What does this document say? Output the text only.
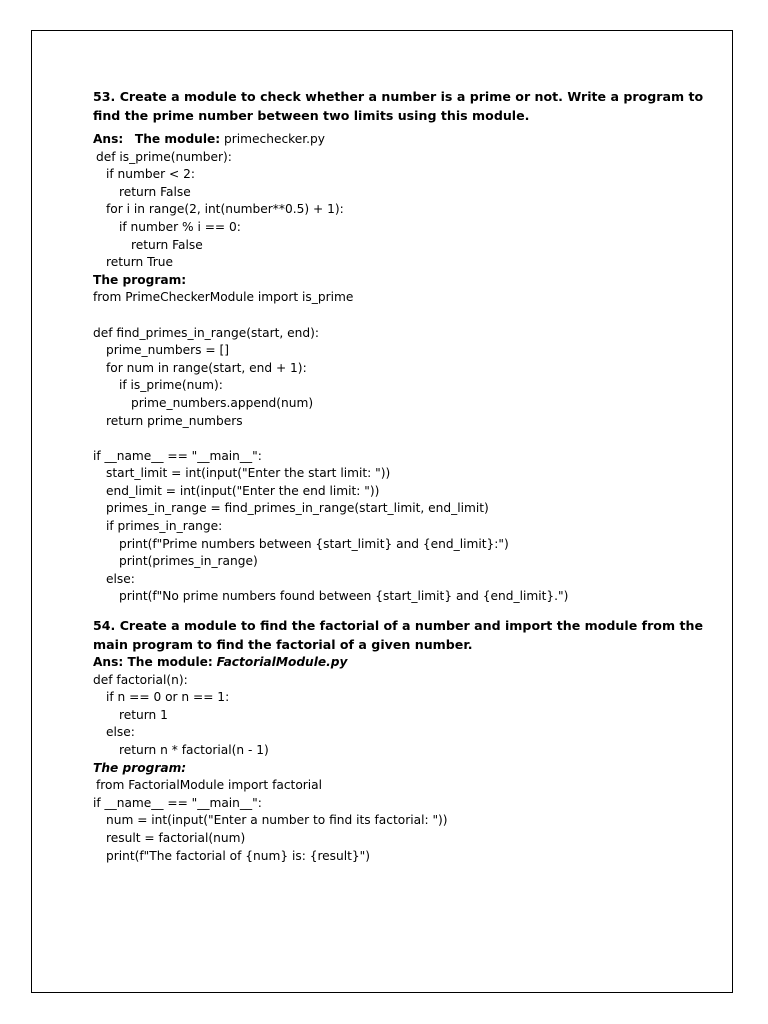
53. Create a module to check whether a number is a prime or not. Write a program to find the prime number between two limits using this module.
Ans: The module: primechecker.py
def is_prime(number):
if number < 2:
return False
for i in range(2, int(number**0.5) + 1):
if number % i == 0:
return False
return True
The program:
from PrimeCheckerModule import is_prime
def find_primes_in_range(start, end):
prime_numbers = []
for num in range(start, end + 1):
if is_prime(num):
prime_numbers.append(num)
return prime_numbers
if __name__ == "__main__":
start_limit = int(input("Enter the start limit: "))
end_limit = int(input("Enter the end limit: "))
primes_in_range = find_primes_in_range(start_limit, end_limit)
if primes_in_range:
print(f"Prime numbers between {start_limit} and {end_limit}:")
print(primes_in_range)
else:
print(f"No prime numbers found between {start_limit} and {end_limit}.")
54. Create a module to find the factorial of a number and import the module from the main program to find the factorial of a given number.
Ans: The module: FactorialModule.py
def factorial(n):
if n == 0 or n == 1:
return 1
else:
return n * factorial(n - 1)
The program:
from FactorialModule import factorial
if __name__ == "__main__":
num = int(input("Enter a number to find its factorial: "))
result = factorial(num)
print(f"The factorial of {num} is: {result}")
